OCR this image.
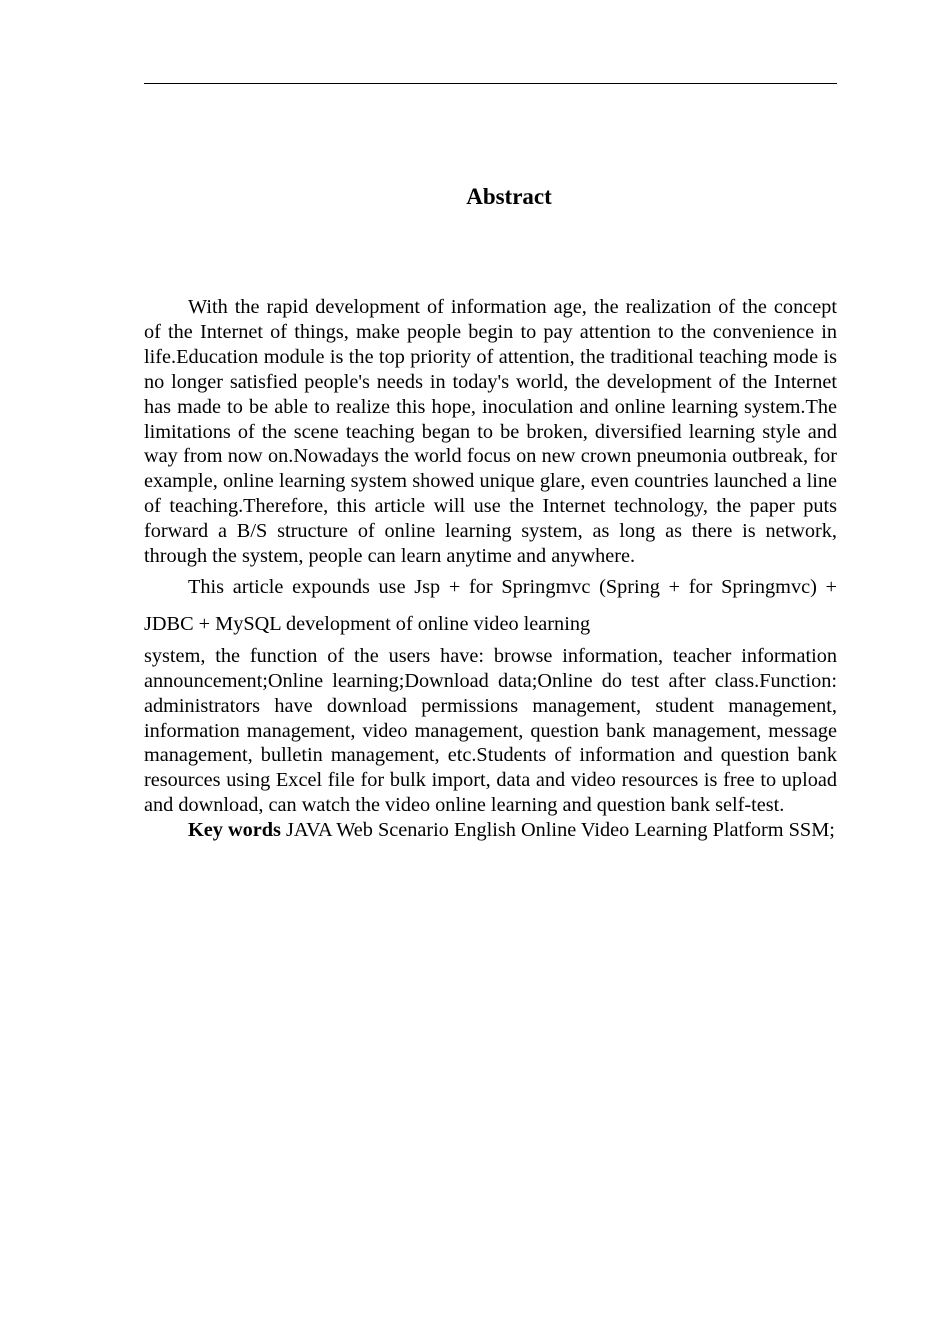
Abstract

With the rapid development of information age, the realization of the concept of the Internet of things, make people begin to pay attention to the convenience in life.Education module is the top priority of attention, the traditional teaching mode is no longer satisfied people's needs in today's world, the development of the Internet has made to be able to realize this hope, inoculation and online learning system.The limitations of the scene teaching began to be broken, diversified learning style and way from now on.Nowadays the world focus on new crown pneumonia outbreak, for example, online learning system showed unique glare, even countries launched a line of teaching.Therefore, this article will use the Internet technology, the paper puts forward a B/S structure of online learning system, as long as there is network, through the system, people can learn anytime and anywhere.

This article expounds use Jsp + for Springmvc (Spring + for Springmvc) + JDBC + MySQL development of online video learning

system, the function of the users have: browse information, teacher information announcement;Online learning;Download data;Online do test after class.Function: administrators have download permissions management, student management, information management, video management, question bank management, message management, bulletin management, etc.Students of information and question bank resources using Excel file for bulk import, data and video resources is free to upload and download, can watch the video online learning and question bank self-test.

Key words JAVA Web Scenario English Online Video Learning Platform SSM;
